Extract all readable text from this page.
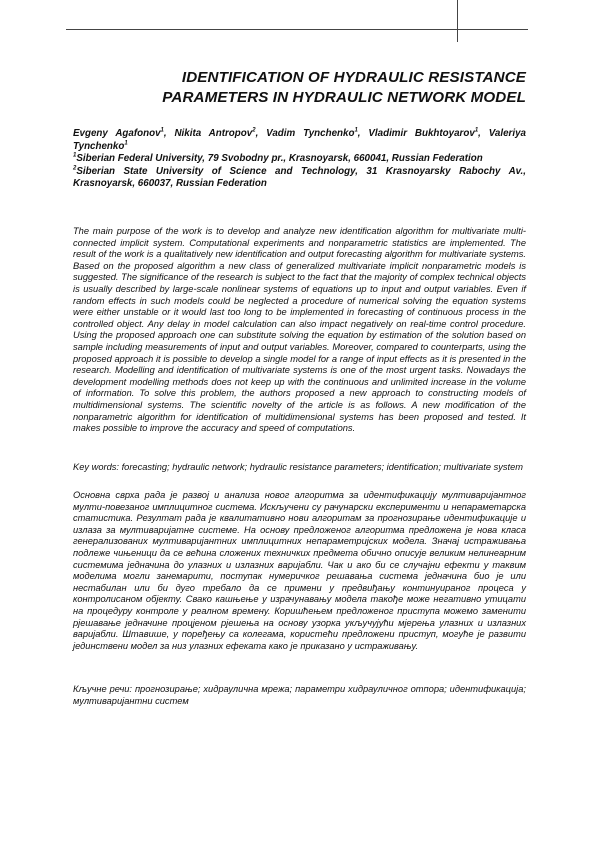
IDENTIFICATION OF HYDRAULIC RESISTANCE
PARAMETERS IN HYDRAULIC NETWORK MODEL

Evgeny Agafonov$^1$, Nikita Antropov$^2$, Vadim Tynchenko$^1$, Vladimir Bukhtoyarov$^1$, Valeriya Tynchenko$^1$

$^1$Siberian Federal University, 79 Svobodny pr., Krasnoyarsk, 660041, Russian Federation

$^2$Siberian State University of Science and Technology, 31 Krasnoyarsky Rabochy Av., Krasnoyarsk, 660037, Russian Federation

The main purpose of the work is to develop and analyze new identification algorithm for multivariate multi-connected implicit system. Computational experiments and nonparametric statistics are implemented. The result of the work is a qualitatively new identification and output forecasting algorithm for multivariate systems. Based on the proposed algorithm a new class of generalized multivariate implicit nonparametric models is suggested. The significance of the research is subject to the fact that the majority of complex technical objects is usually described by large-scale nonlinear systems of equations up to input and output variables. Even if random effects in such models could be neglected a procedure of numerical solving the equation systems were either unstable or it would last too long to be implemented in forecasting of continuous process in the controlled object. Any delay in model calculation can also impact negatively on real-time control procedure. Using the proposed approach one can substitute solving the equation by estimation of the solution based on sample including measurements of input and output variables. Moreover, compared to counterparts, using the proposed approach it is possible to develop a single model for a range of input effects as it is presented in the research. Modelling and identification of multivariate systems is one of the most urgent tasks. Nowadays the development modelling methods does not keep up with the continuous and unlimited increase in the volume of information. To solve this problem, the authors proposed a new approach to constructing models of multidimensional systems. The scientific novelty of the article is as follows. A new modification of the nonparametric algorithm for identification of multidimensional systems has been proposed and tested. It makes possible to improve the accuracy and speed of computations.
Key words: forecasting; hydraulic network; hydraulic resistance parameters; identification; multivariate system
Основна сврха рада је развој и анализа новог алгоритма за идентификацију мултиваријантног мулти-повезаног имплицитног система. Искључени су рачунарски експерименти и непараметарска статистика. Резултат рада је квалитативно нови алгоритам за прогнозирање идентификације и излаза за мултиваријатне системе. На основу предложеног алгоритма предложена је нова класа генерализованих мултиваријантних имплицитних непараметријских модела. Значај истраживања подлеже чињеници да се већина сложених техничких предмета обично описује великим нелинеарним системима једначина до улазних и излазних варијабли. Чак и ако би се случајни ефекти у таквим моделима могли занемарити, поступак нумеричког решавања система једначина био је или нестабилан или би дуго требало да се примени у предвиђању континуираног процеса у контролисаном објекту. Свако кашњење у израчунавању модела такође може негативно утицати на процедуру контроле у реалном времену. Коришћењем предложеног приступа можемо заменити рјешавање једначине процјеном рјешења на основу узорка укључујући мјерења улазних и излазних варијабли. Штавише, у поређењу са колегама, користећи предложени приступ, могуће је развити јединствени модел за низ улазних ефеката како је приказано у истраживању.
Кључне речи: прогнозирање; хидраулична мрежа; параметри хидрауличног отпора; идентификација; мултиваријантни систем
